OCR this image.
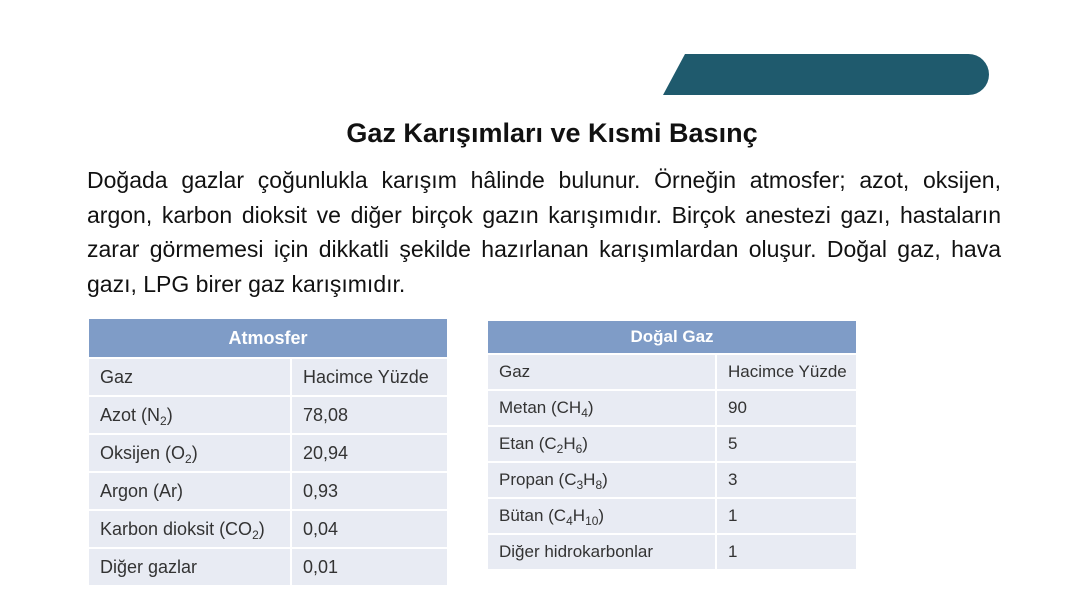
Gaz Karışımları ve Kısmi Basınç
Doğada gazlar çoğunlukla karışım hâlinde bulunur. Örneğin atmosfer; azot, oksijen, argon, karbon dioksit ve diğer birçok gazın karışımıdır. Birçok anestezi gazı, hastaların zarar görmemesi için dikkatli şekilde hazırlanan karışımlardan oluşur. Doğal gaz, hava gazı, LPG birer gaz karışımıdır.
Atmosfer	
Gaz	Hacimce Yüzde
Azot $(N_2)$	78,08
Oksijen $(O_2)$	20,94
Argon (Ar)	0,93
Karbon dioksit $(CO_2)$	0,04
Diğer gazlar	0,01
Doğal Gaz	
Gaz	Hacimce Yüzde
Metan $(CH_4)$	90
Etan $(C_2H_6)$	5
Propan $(C_3H_8)$	3
Bütan $(C_4H_{10})$	1
Diğer hidrokarbonlar	1
